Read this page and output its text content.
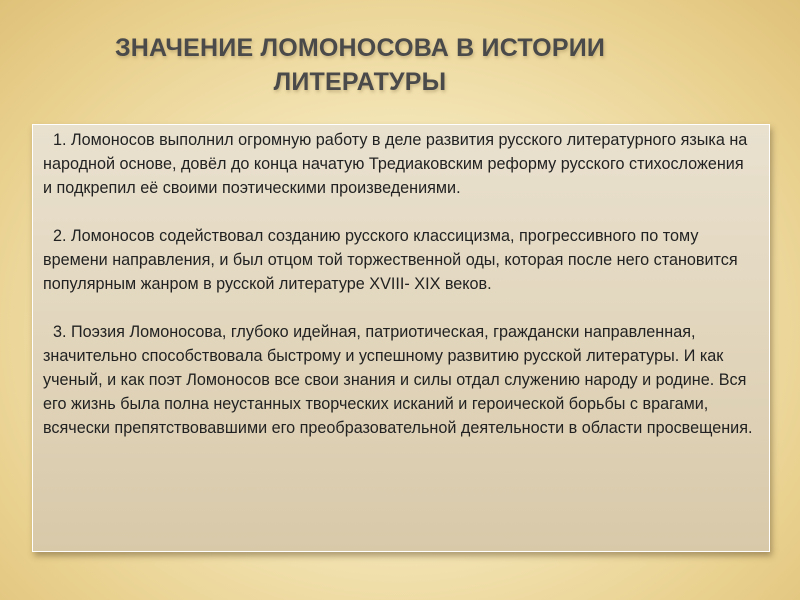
ЗНАЧЕНИЕ ЛОМОНОСОВА В ИСТОРИИ
ЛИТЕРАТУРЫ

1. Ломоносов выполнил огромную работу в деле развития русского литературного языка на народной основе, довёл до конца начатую Тредиаковским реформу русского стихосложения и подкрепил её своими поэтическими произведениями.

2. Ломоносов содействовал созданию русского классицизма, прогрессивного по тому времени направления, и был отцом той торжественной оды, которая после него становится популярным жанром в русской литературе XVIII- XIX веков.

3. Поэзия Ломоносова, глубоко идейная, патриотическая, граждански направленная, значительно способствовала быстрому и успешному развитию русской литературы. И как ученый, и как поэт Ломоносов все свои знания и силы отдал служению народу и родине. Вся его жизнь была полна неустанных творческих исканий и героической борьбы с врагами, всячески препятствовавшими его преобразовательной деятельности в области просвещения.
